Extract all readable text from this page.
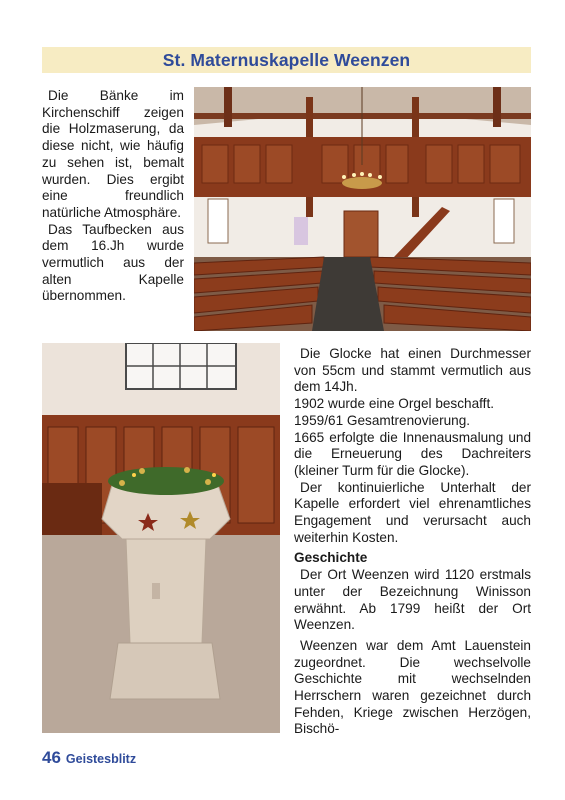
St. Maternuskapelle Weenzen

Die Bänke im Kirchenschiff zeigen die Holzmaserung, da diese nicht, wie häufig zu sehen ist, bemalt wurden. Dies ergibt eine freundlich natürliche Atmosphäre.

Das Taufbecken aus dem 16.Jh wurde vermutlich aus der alten Kapelle übernommen.

Die Glocke hat einen Durchmesser von 55cm und stammt vermutlich aus dem 14Jh.

1902 wurde eine Orgel beschafft.

1959/61 Gesamtrenovierung.

1665 erfolgte die Innenausmalung und die Erneuerung des Dachreiters (kleiner Turm für die Glocke).

Der kontinuierliche Unterhalt der Kapelle erfordert viel ehrenamtliches Engagement und verursacht auch weiterhin Kosten.

Geschichte

Der Ort Weenzen wird 1120 erstmals unter der Bezeichnung Winisson erwähnt. Ab 1799 heißt der Ort Weenzen.

Weenzen war dem Amt Lauenstein zugeordnet. Die wechselvolle Geschichte mit wechselnden Herrschern waren gezeichnet durch Fehden, Kriege zwischen Herzögen, Bischö-

46 Geistesblitz
